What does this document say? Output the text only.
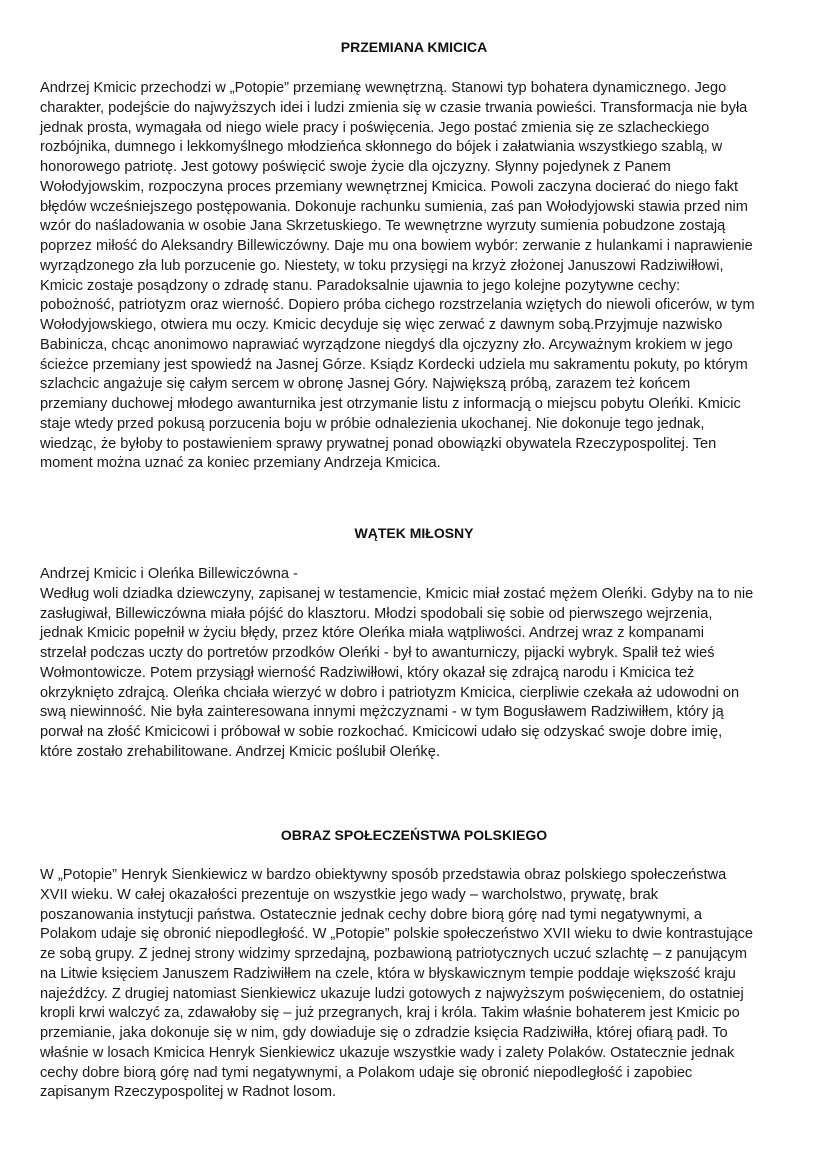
PRZEMIANA KMICICA
Andrzej Kmicic przechodzi w „Potopie” przemianę wewnętrzną. Stanowi typ bohatera dynamicznego. Jego
charakter, podejście do najwyższych idei i ludzi zmienia się w czasie trwania powieści. Transformacja nie była
jednak prosta, wymagała od niego wiele pracy i poświęcenia. Jego postać zmienia się ze szlacheckiego
rozbójnika, dumnego i lekkomyślnego młodzieńca skłonnego do bójek i załatwiania wszystkiego szablą, w
honorowego patriotę. Jest gotowy poświęcić swoje życie dla ojczyzny. Słynny pojedynek z Panem
Wołodyjowskim, rozpoczyna proces przemiany wewnętrznej Kmicica. Powoli zaczyna docierać do niego fakt
błędów wcześniejszego postępowania. Dokonuje rachunku sumienia, zaś pan Wołodyjowski stawia przed nim
wzór do naśladowania w osobie Jana Skrzetuskiego. Te wewnętrzne wyrzuty sumienia pobudzone zostają
poprzez miłość do Aleksandry Billewiczówny. Daje mu ona bowiem wybór: zerwanie z hulankami i naprawienie
wyrządzonego zła lub porzucenie go. Niestety, w toku przysięgi na krzyż złożonej Januszowi Radziwiłłowi,
Kmicic zostaje posądzony o zdradę stanu. Paradoksalnie ujawnia to jego kolejne pozytywne cechy:
pobożność, patriotyzm oraz wierność. Dopiero próba cichego rozstrzelania wziętych do niewoli oficerów, w tym
Wołodyjowskiego, otwiera mu oczy. Kmicic decyduje się więc zerwać z dawnym sobą.Przyjmuje nazwisko
Babinicza, chcąc anonimowo naprawiać wyrządzone niegdyś dla ojczyzny zło. Arcyważnym krokiem w jego
ścieżce przemiany jest spowiedź na Jasnej Górze. Ksiądz Kordecki udziela mu sakramentu pokuty, po którym
szlachcic angażuje się całym sercem w obronę Jasnej Góry. Największą próbą, zarazem też końcem
przemiany duchowej młodego awanturnika jest otrzymanie listu z informacją o miejscu pobytu Oleńki. Kmicic
staje wtedy przed pokusą porzucenia boju w próbie odnalezienia ukochanej. Nie dokonuje tego jednak,
wiedząc, że byłoby to postawieniem sprawy prywatnej ponad obowiązki obywatela Rzeczypospolitej. Ten
moment można uznać za koniec przemiany Andrzeja Kmicica.
WĄTEK MIŁOSNY
Andrzej Kmicic i Oleńka Billewiczówna -
Według woli dziadka dziewczyny, zapisanej w testamencie, Kmicic miał zostać mężem Oleńki. Gdyby na to nie
zasługiwał, Billewiczówna miała pójść do klasztoru. Młodzi spodobali się sobie od pierwszego wejrzenia,
jednak Kmicic popełnił w życiu błędy, przez które Oleńka miała wątpliwości. Andrzej wraz z kompanami
strzelał podczas uczty do portretów przodków Oleńki - był to awanturniczy, pijacki wybryk. Spalił też wieś
Wołmontowicze. Potem przysiągł wierność Radziwiłłowi, który okazał się zdrajcą narodu i Kmicica też
okrzyknięto zdrajcą. Oleńka chciała wierzyć w dobro i patriotyzm Kmicica, cierpliwie czekała aż udowodni on
swą niewinność. Nie była zainteresowana innymi mężczyznami - w tym Bogusławem Radziwiłłem, który ją
porwał na złość Kmicicowi i próbował w sobie rozkochać. Kmicicowi udało się odzyskać swoje dobre imię,
które zostało zrehabilitowane. Andrzej Kmicic poślubił Oleńkę.
OBRAZ SPOŁECZEŃSTWA POLSKIEGO
W „Potopie” Henryk Sienkiewicz w bardzo obiektywny sposób przedstawia obraz polskiego społeczeństwa
XVII wieku. W całej okazałości prezentuje on wszystkie jego wady – warcholstwo, prywatę, brak
poszanowania instytucji państwa. Ostatecznie jednak cechy dobre biorą górę nad tymi negatywnymi, a
Polakom udaje się obronić niepodległość. W „Potopie” polskie społeczeństwo XVII wieku to dwie kontrastujące
ze sobą grupy. Z jednej strony widzimy sprzedajną, pozbawioną patriotycznych uczuć szlachtę – z panującym
na Litwie księciem Januszem Radziwiłłem na czele, która w błyskawicznym tempie poddaje większość kraju
najeźdźcy. Z drugiej natomiast Sienkiewicz ukazuje ludzi gotowych z najwyższym poświęceniem, do ostatniej
kropli krwi walczyć za, zdawałoby się – już przegranych, kraj i króla. Takim właśnie bohaterem jest Kmicic po
przemianie, jaka dokonuje się w nim, gdy dowiaduje się o zdradzie księcia Radziwiłła, której ofiarą padł. To
właśnie w losach Kmicica Henryk Sienkiewicz ukazuje wszystkie wady i zalety Polaków. Ostatecznie jednak
cechy dobre biorą górę nad tymi negatywnymi, a Polakom udaje się obronić niepodległość i zapobiec
zapisanym Rzeczypospolitej w Radnot losom.
